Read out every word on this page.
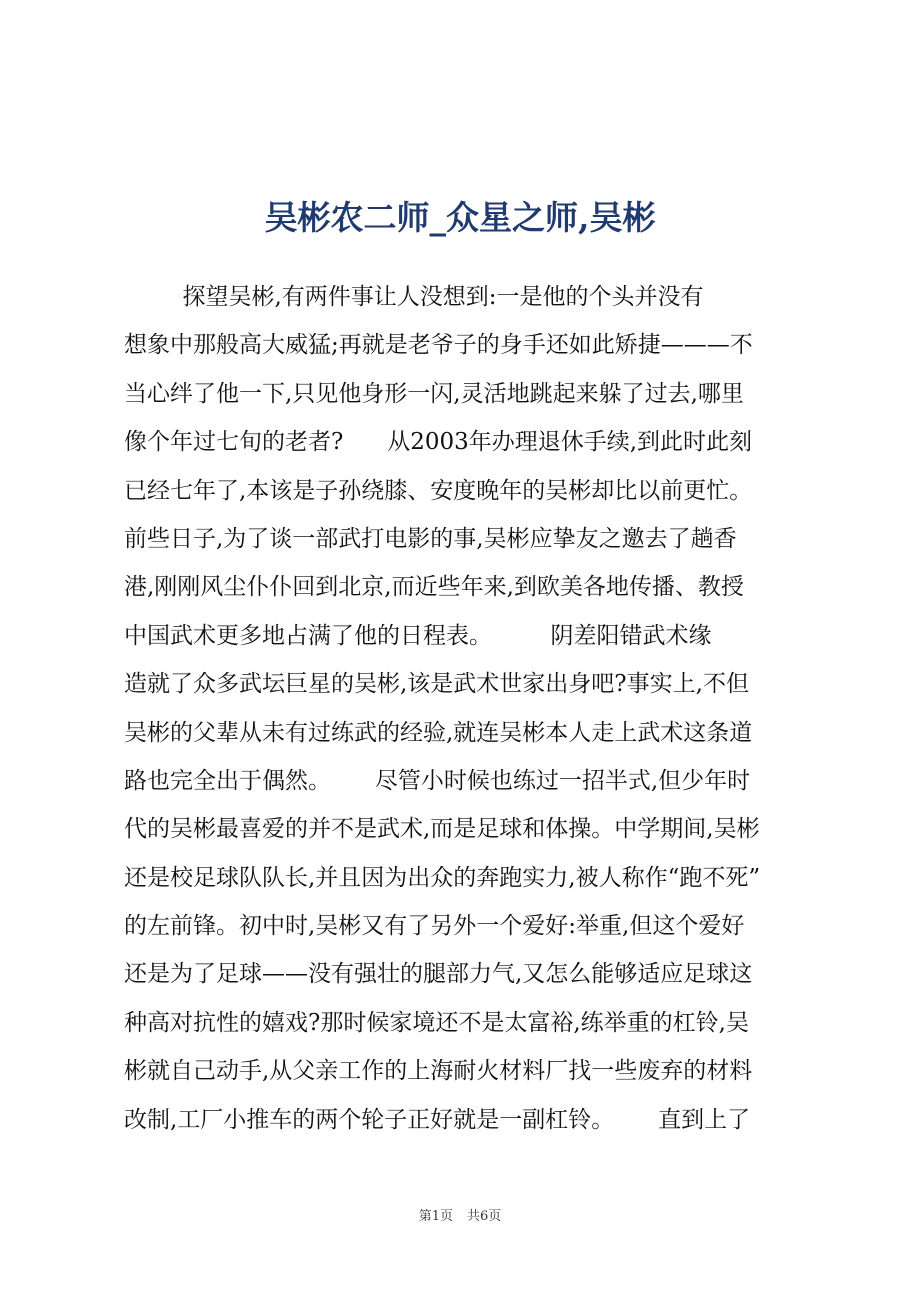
吴彬农二师_众星之师,吴彬
探望吴彬,有两件事让人没想到:一是他的个头并没有
想象中那般高大威猛;再就是老爷子的身手还如此矫捷———不
当心绊了他一下,只见他身形一闪,灵活地跳起来躲了过去,哪里
像个年过七旬的老者?      从2003年办理退休手续,到此时此刻
已经七年了,本该是子孙绕膝、安度晚年的吴彬却比以前更忙。
前些日子,为了谈一部武打电影的事,吴彬应挚友之邀去了趟香
港,刚刚风尘仆仆回到北京,而近些年来,到欧美各地传播、教授
中国武术更多地占满了他的日程表。        阴差阳错武术缘
造就了众多武坛巨星的吴彬,该是武术世家出身吧?事实上,不但
吴彬的父辈从未有过练武的经验,就连吴彬本人走上武术这条道
路也完全出于偶然。      尽管小时候也练过一招半式,但少年时
代的吴彬最喜爱的并不是武术,而是足球和体操。中学期间,吴彬
还是校足球队队长,并且因为出众的奔跑实力,被人称作“跑不死”
的左前锋。初中时,吴彬又有了另外一个爱好:举重,但这个爱好
还是为了足球——没有强壮的腿部力气,又怎么能够适应足球这
种高对抗性的嬉戏?那时候家境还不是太富裕,练举重的杠铃,吴
彬就自己动手,从父亲工作的上海耐火材料厂找一些废弃的材料
改制,工厂小推车的两个轮子正好就是一副杠铃。      直到上了
第1页 共6页
